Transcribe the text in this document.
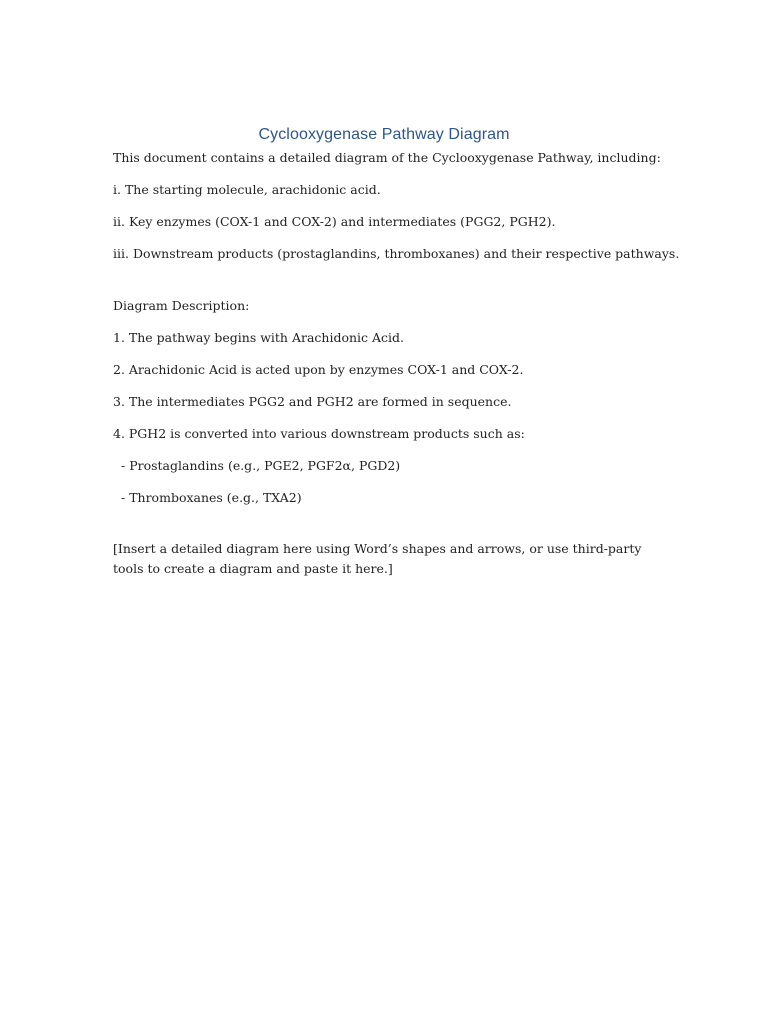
Cyclooxygenase Pathway Diagram
This document contains a detailed diagram of the Cyclooxygenase Pathway, including:
i. The starting molecule, arachidonic acid.
ii. Key enzymes (COX-1 and COX-2) and intermediates (PGG2, PGH2).
iii. Downstream products (prostaglandins, thromboxanes) and their respective pathways.
Diagram Description:
1. The pathway begins with Arachidonic Acid.
2. Arachidonic Acid is acted upon by enzymes COX-1 and COX-2.
3. The intermediates PGG2 and PGH2 are formed in sequence.
4. PGH2 is converted into various downstream products such as:
- Prostaglandins (e.g., PGE2, PGF2α, PGD2)
- Thromboxanes (e.g., TXA2)
[Insert a detailed diagram here using Word’s shapes and arrows, or use third-party tools to create a diagram and paste it here.]
